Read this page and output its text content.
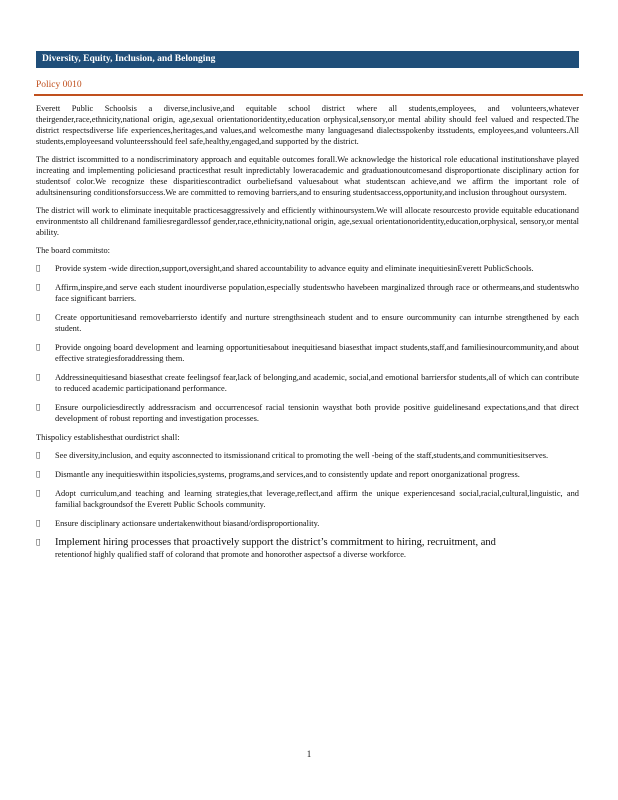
Diversity, Equity, Inclusion, and Belonging
Policy 0010

Everett Public Schoolsis a diverse,inclusive,and equitable school district where all students,employees, and volunteers,whatever theirgender,race,ethnicity,national origin, age,sexual orientationoridentity,education orphysical,sensory,or mental ability should feel valued and respected.The district respectsdiverse life experiences,heritages,and values,and welcomesthe many languagesand dialectsspokenby itsstudents, employees,and volunteers.All students,employeesand volunteersshould feel safe,healthy,engaged,and supported by the district.

The district iscommitted to a nondiscriminatory approach and equitable outcomes forall.We acknowledge the historical role educational institutionshave played increating and implementing policiesand practicesthat result inpredictably loweracademic and graduationoutcomesand disproportionate disciplinary action for studentsof color.We recognize these disparitiescontradict ourbeliefsand valuesabout what studentscan achieve,and we affirm the important role of adultsinensuring conditionsforsuccess.We are committed to removing barriers,and to ensuring studentsaccess,opportunity,and inclusion throughout oursystem.

The district will work to eliminate inequitable practicesaggressively and efficiently withinoursystem.We will allocate resourcesto provide equitable educationand environmentsto all childrenand familiesregardlessof gender,race,ethnicity,national origin, age,sexual orientationoridentity,education,orphysical, sensory,or mental ability.

The board commitsto:

Provide system -wide direction,support,oversight,and shared accountability to advance equity and eliminate inequitiesinEverett PublicSchools.
Affirm,inspire,and serve each student inourdiverse population,especially studentswho havebeen marginalized through race or othermeans,and studentswho face significant barriers.
Create opportunitiesand removebarriersto identify and nurture strengthsineach student and to ensure ourcommunity can inturnbe strengthened by each student.
Provide ongoing board development and learning opportunitiesabout inequitiesand biasesthat impact students,staff,and familiesinourcommunity,and about effective strategiesforaddressing them.
Addressinequitiesand biasesthat create feelingsof fear,lack of belonging,and academic, social,and emotional barriersfor students,all of which can contribute to reduced academic participationand performance.
Ensure ourpoliciesdirectly addressracism and occurrencesof racial tensionin waysthat both provide positive guidelinesand expectations,and that direct development of robust reporting and investigation processes.

Thispolicy establishesthat ourdistrict shall:

See diversity,inclusion, and equity asconnected to itsmissionand critical to promoting the well -being of the staff,students,and communitiesitserves.
Dismantle any inequitieswithin itspolicies,systems, programs,and services,and to consistently update and report onorganizational progress.
Adopt curriculum,and teaching and learning strategies,that leverage,reflect,and affirm the unique experiencesand social,racial,cultural,linguistic, and familial backgroundsof the Everett Public Schools community.
Ensure disciplinary actionsare undertakenwithout biasand/ordisproportionality.
Implement hiring processes that proactively support the district’s commitment to hiring, recruitment, and
retentionof highly qualified staff of colorand that promote and honorother aspectsof a diverse workforce.
1
